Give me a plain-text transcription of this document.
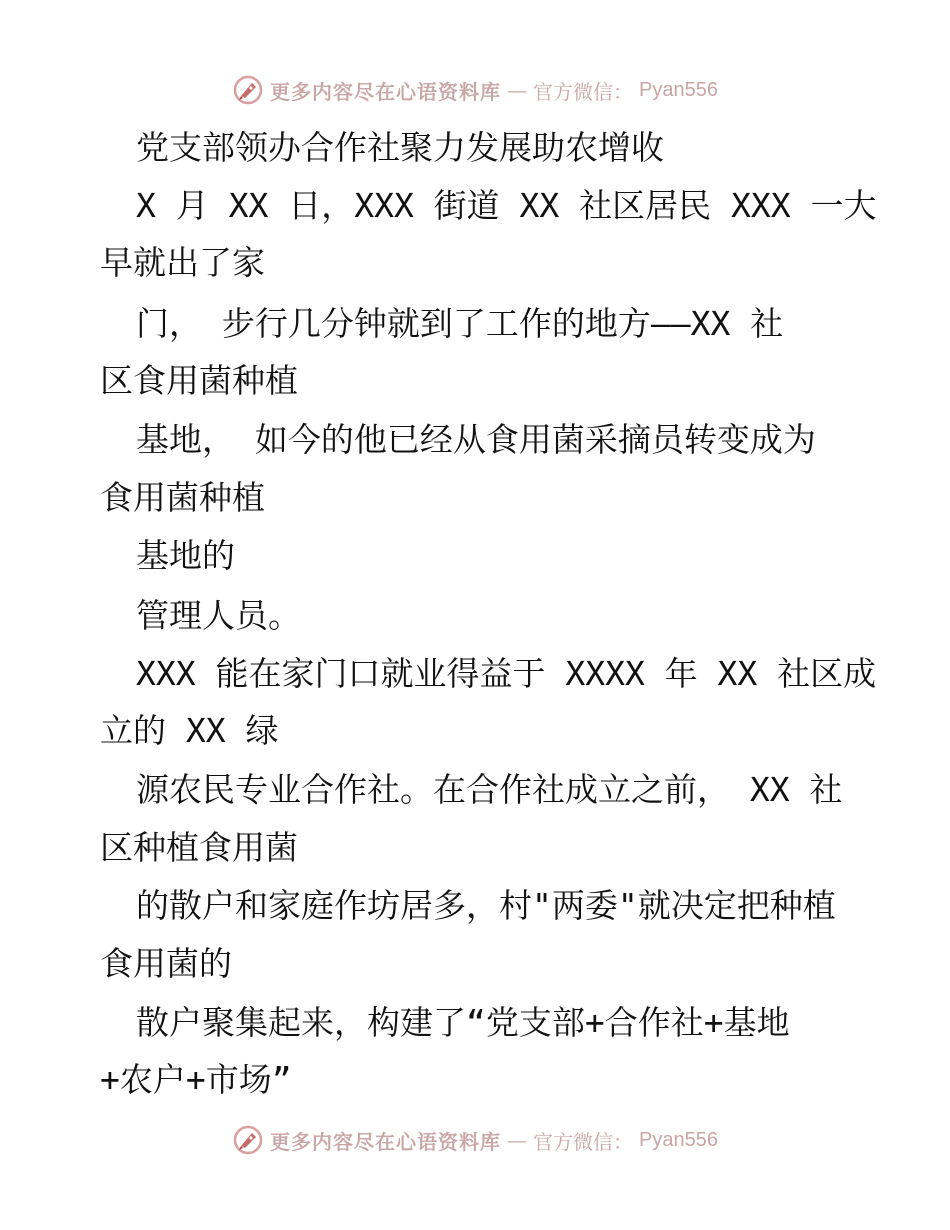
更多内容尽在心语资料库 — 官方微信： Pyan556
党支部领办合作社聚力发展助农增收
X 月 XX 日，XXX 街道 XX 社区居民 XXX 一大
早就出了家
门， 步行几分钟就到了工作的地方——XX 社
区食用菌种植
基地， 如今的他已经从食用菌采摘员转变成为
食用菌种植
基地的
管理人员。
XXX 能在家门口就业得益于 XXXX 年 XX 社区成
立的 XX 绿
源农民专业合作社。在合作社成立之前， XX 社
区种植食用菌
的散户和家庭作坊居多，村"两委"就决定把种植
食用菌的
散户聚集起来，构建了“党支部+合作社+基地
+农户+市场”
更多内容尽在心语资料库 — 官方微信： Pyan556
